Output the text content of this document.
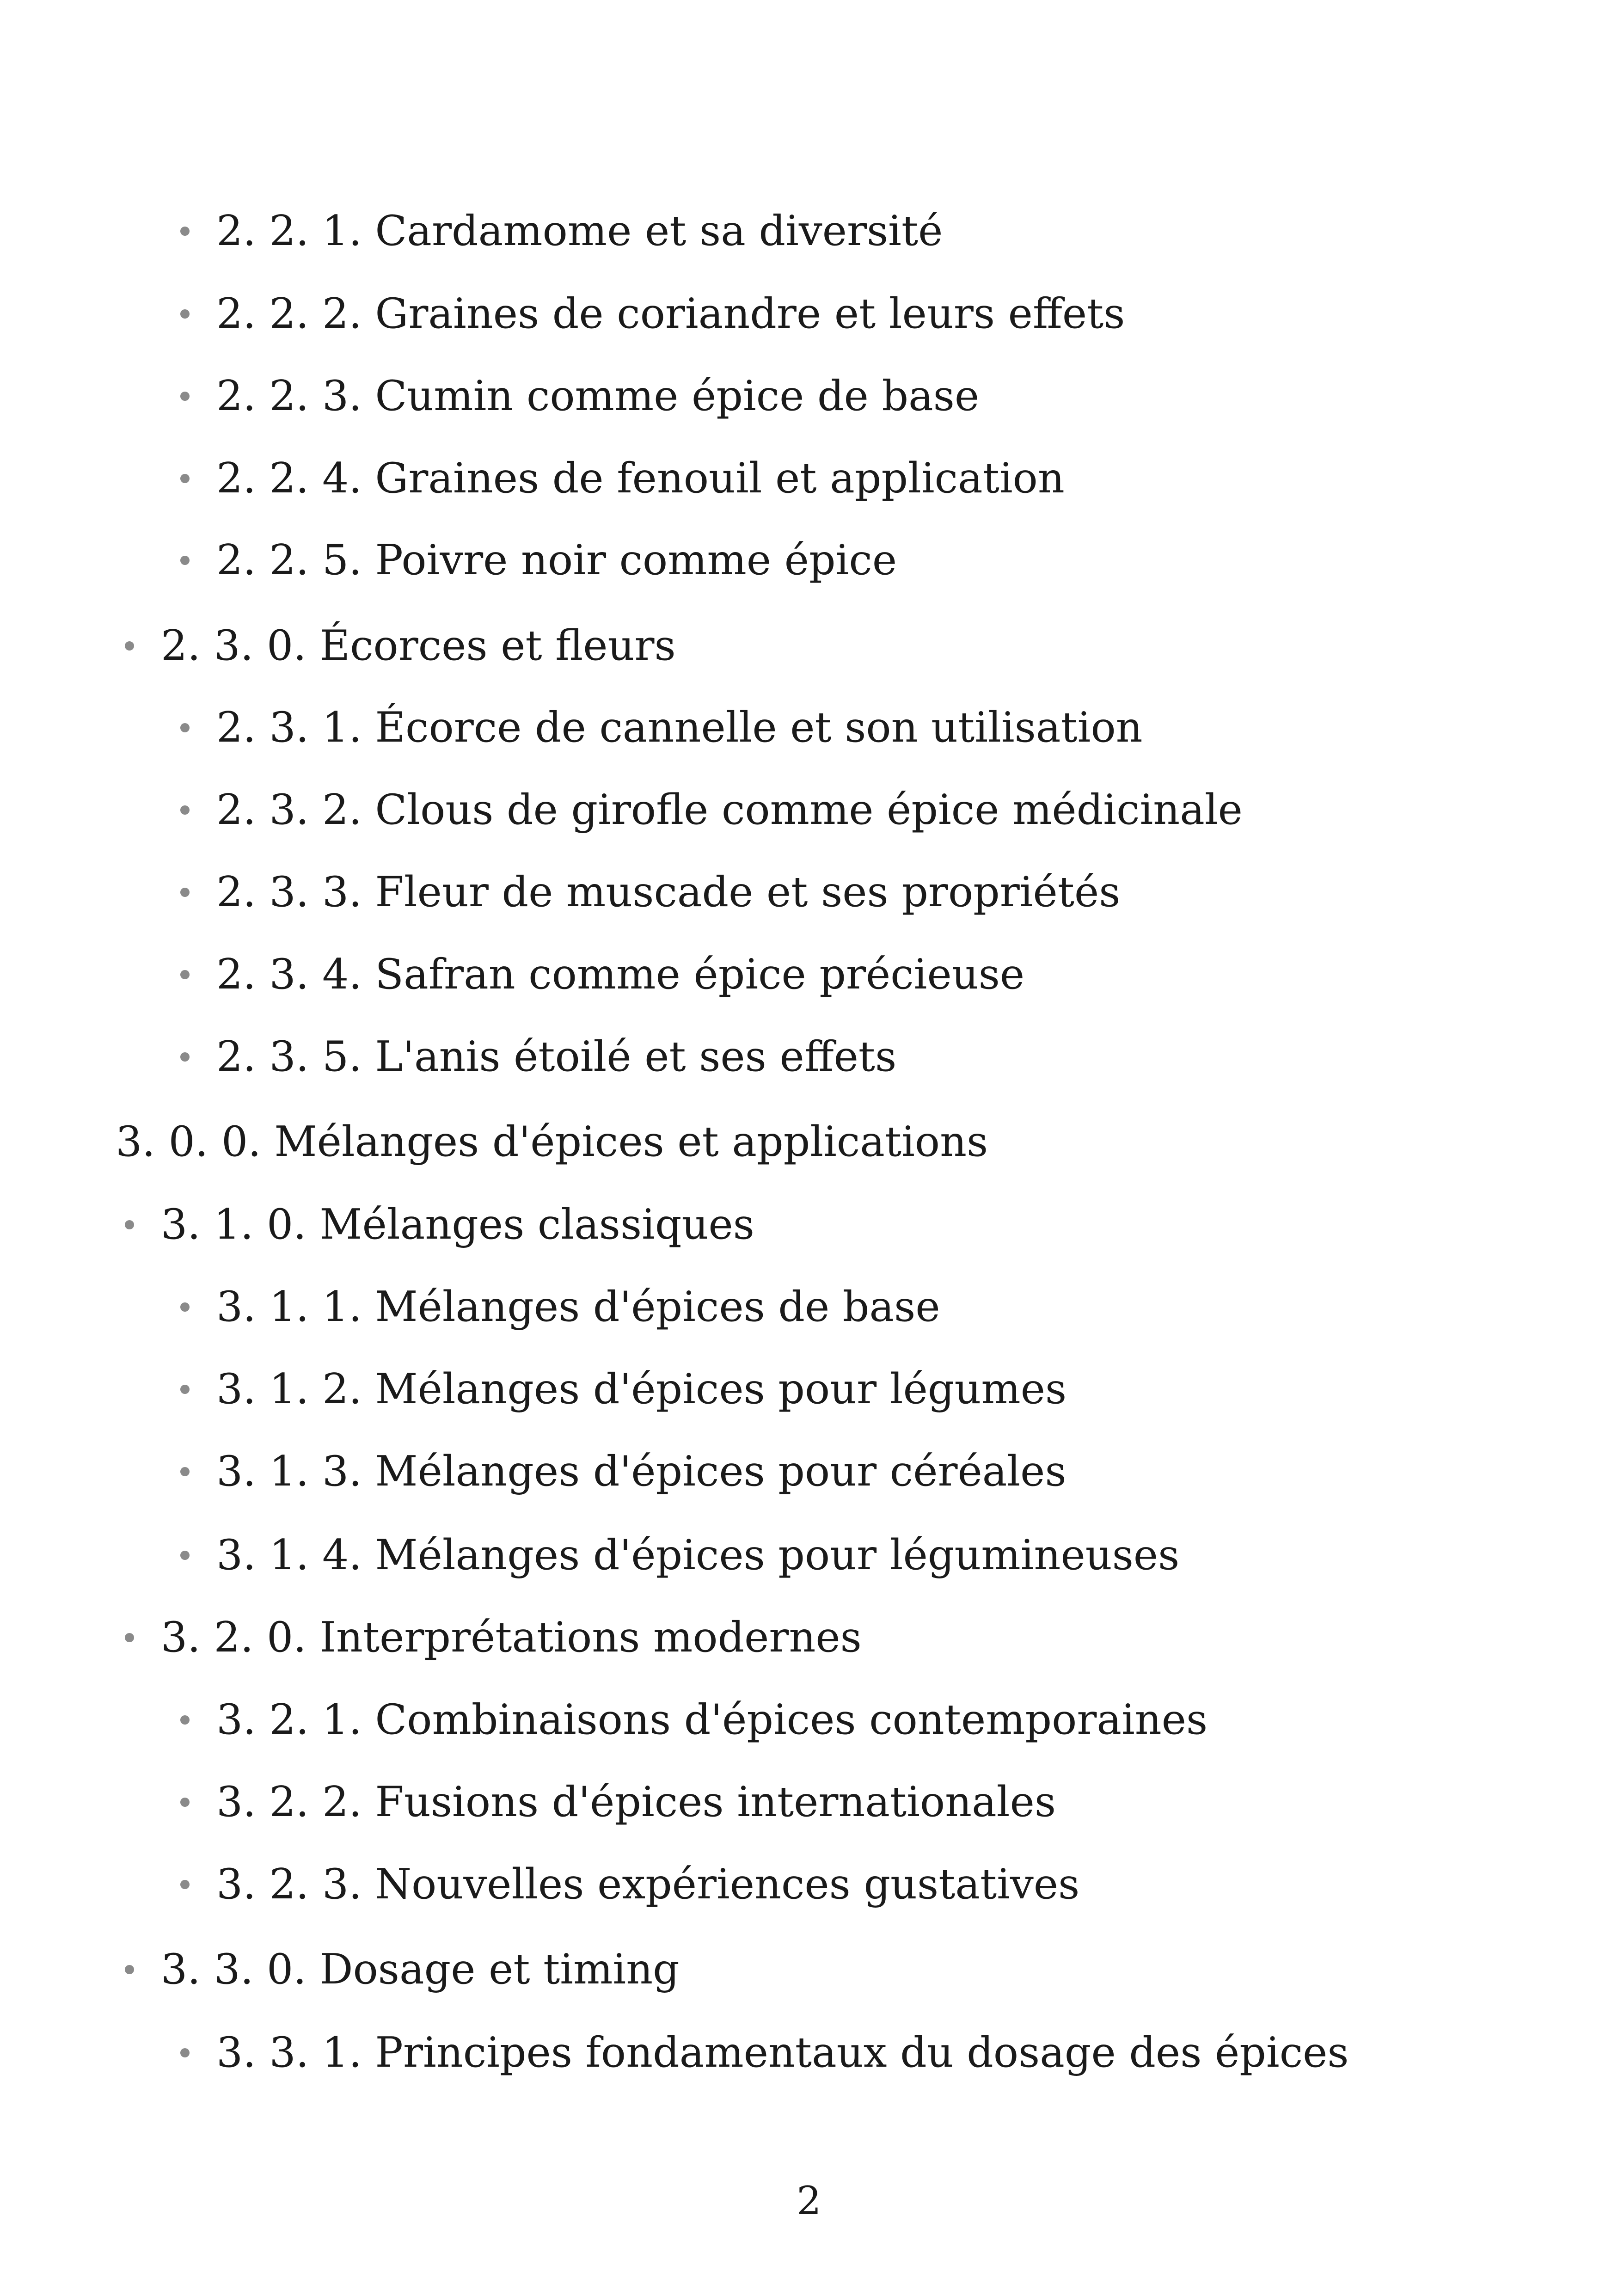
2. 2. 1. Cardamome et sa diversité
2. 2. 2. Graines de coriandre et leurs effets
2. 2. 3. Cumin comme épice de base
2. 2. 4. Graines de fenouil et application
2. 2. 5. Poivre noir comme épice
2. 3. 0. Écorces et fleurs
2. 3. 1. Écorce de cannelle et son utilisation
2. 3. 2. Clous de girofle comme épice médicinale
2. 3. 3. Fleur de muscade et ses propriétés
2. 3. 4. Safran comme épice précieuse
2. 3. 5. L'anis étoilé et ses effets
3. 0. 0. Mélanges d'épices et applications
3. 1. 0. Mélanges classiques
3. 1. 1. Mélanges d'épices de base
3. 1. 2. Mélanges d'épices pour légumes
3. 1. 3. Mélanges d'épices pour céréales
3. 1. 4. Mélanges d'épices pour légumineuses
3. 2. 0. Interprétations modernes
3. 2. 1. Combinaisons d'épices contemporaines
3. 2. 2. Fusions d'épices internationales
3. 2. 3. Nouvelles expériences gustatives
3. 3. 0. Dosage et timing
3. 3. 1. Principes fondamentaux du dosage des épices
2
